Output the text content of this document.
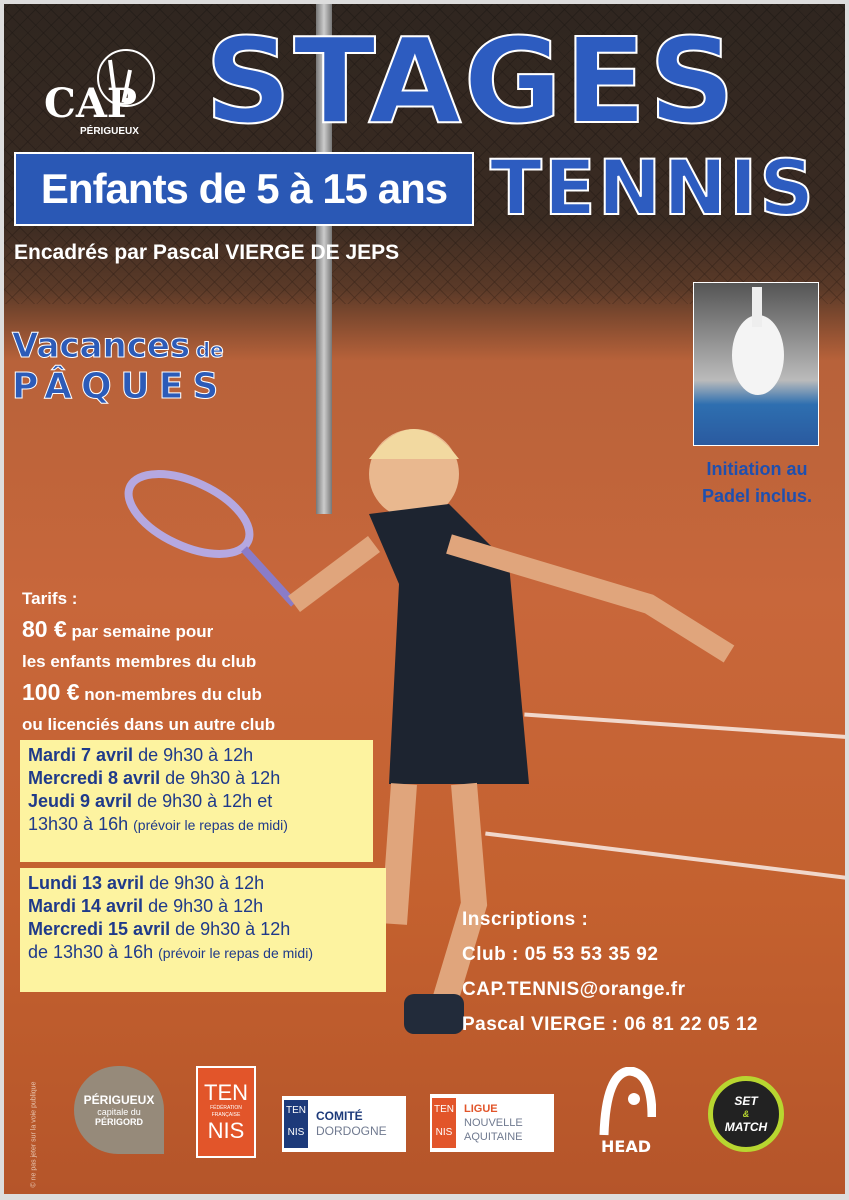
CAP
PÉRIGUEUX STAGES
Enfants de 5 à 15 ans TENNIS
Encadrés par Pascal VIERGE DE JEPS
Vacances de
PÂQUES
Initiation au
Padel inclus.
Tarifs :
80 € par semaine pour
les enfants membres du club
100 € non-membres du club
ou licenciés dans un autre club
Mardi 7 avril de 9h30 à 12h
Mercredi 8 avril de 9h30 à 12h
Jeudi 9 avril de 9h30 à 12h et
13h30 à 16h (prévoir le repas de midi)
Lundi 13 avril de 9h30 à 12h
Mardi 14 avril de 9h30 à 12h
Mercredi 15 avril de 9h30 à 12h
de 13h30 à 16h (prévoir le repas de midi)
Inscriptions :
Club : 05 53 53 35 92
CAP.TENNIS@orange.fr
Pascal VIERGE : 06 81 22 05 12
© ne pas jeter sur la voie publique	PÉRIGUEUX
capitale du
PÉRIGORD
TEN
FÉDÉRATION FRANÇAISE
NIS
TEN
NIS
COMITÉ
DORDOGNE
TEN
NIS
LIGUE
NOUVELLE
AQUITAINE	HEAD
SET
&
MATCH
